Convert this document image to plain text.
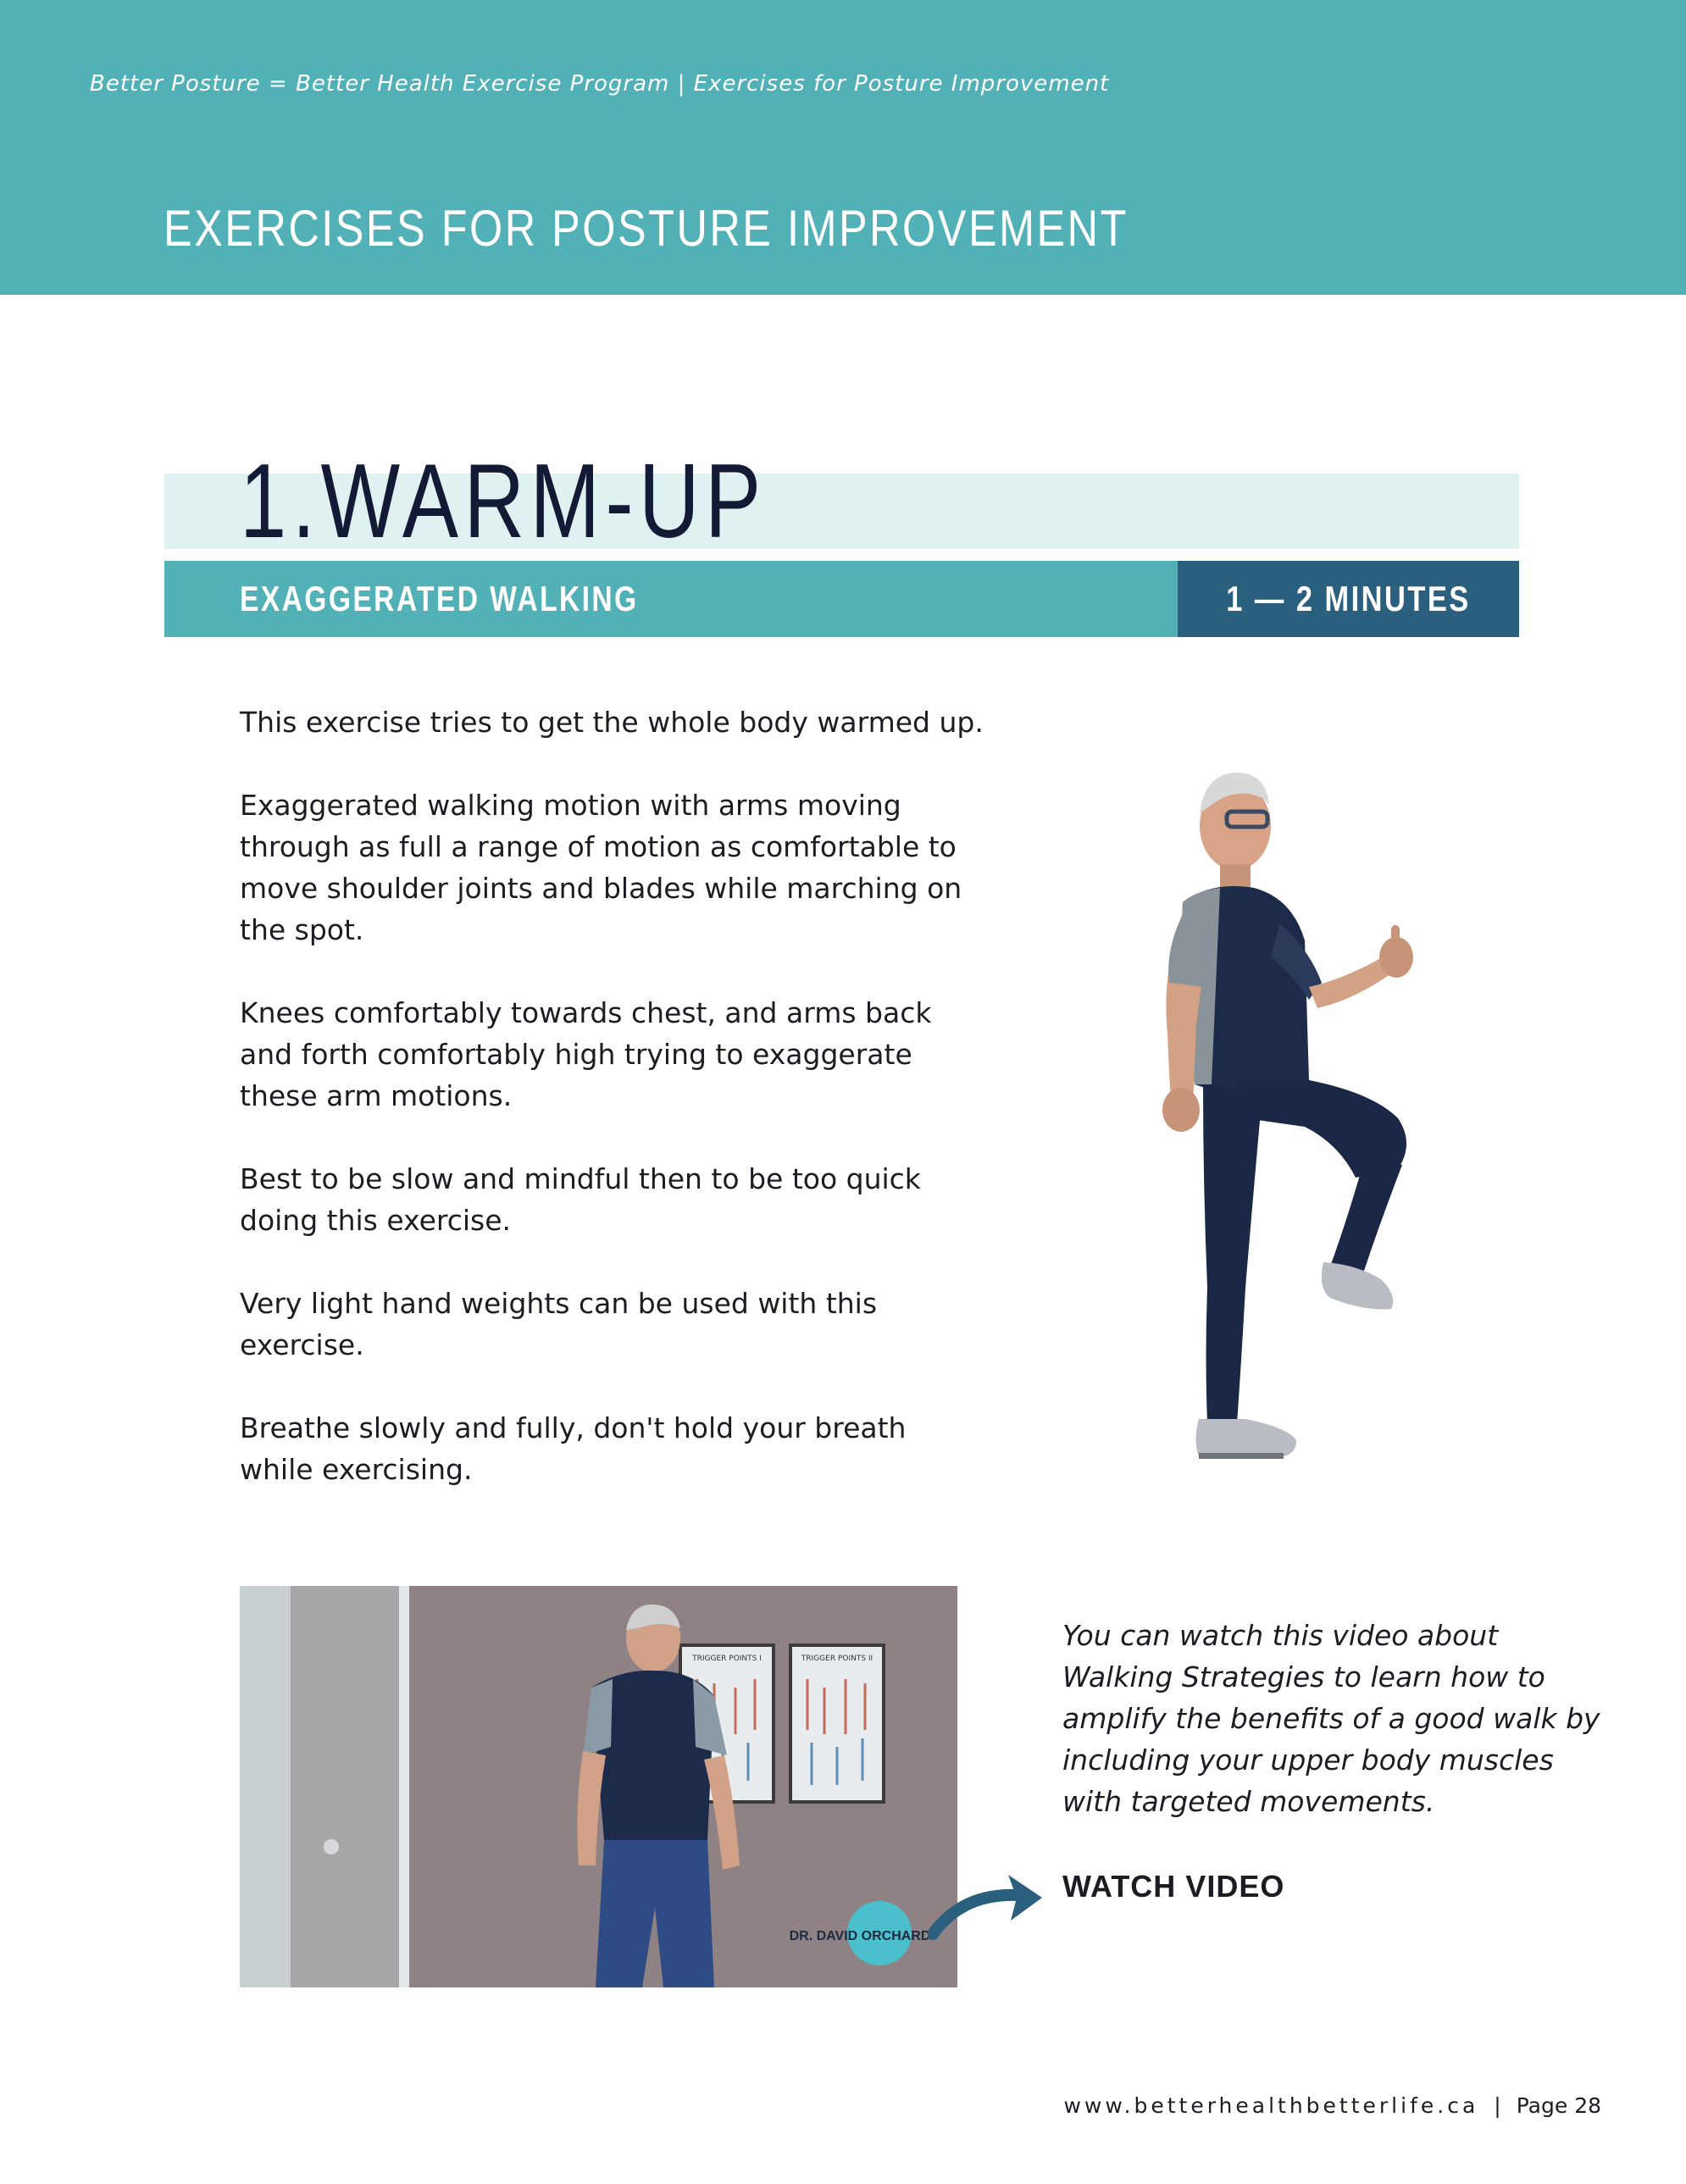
Better Posture = Better Health Exercise Program | Exercises for Posture Improvement
EXERCISES FOR POSTURE IMPROVEMENT
1.WARM-UP
EXAGGERATED WALKING	1 — 2 MINUTES

This exercise tries to get the whole body warmed up.

Exaggerated walking motion with arms moving through as full a range of motion as comfortable to move shoulder joints and blades while marching on the spot.

Knees comfortably towards chest, and arms back and forth comfortably high trying to exaggerate these arm motions.

Best to be slow and mindful then to be too quick doing this exercise.

Very light hand weights can be used with this exercise.

Breathe slowly and fully, don't hold your breath while exercising.

TRIGGER POINTS I	TRIGGER POINTS II
DR. DAVID ORCHARD
You can watch this video about Walking Strategies to learn how to amplify the benefits of a good walk by including your upper body muscles with targeted movements.
WATCH VIDEO
www.betterhealthbetterlife.ca | Page 28
